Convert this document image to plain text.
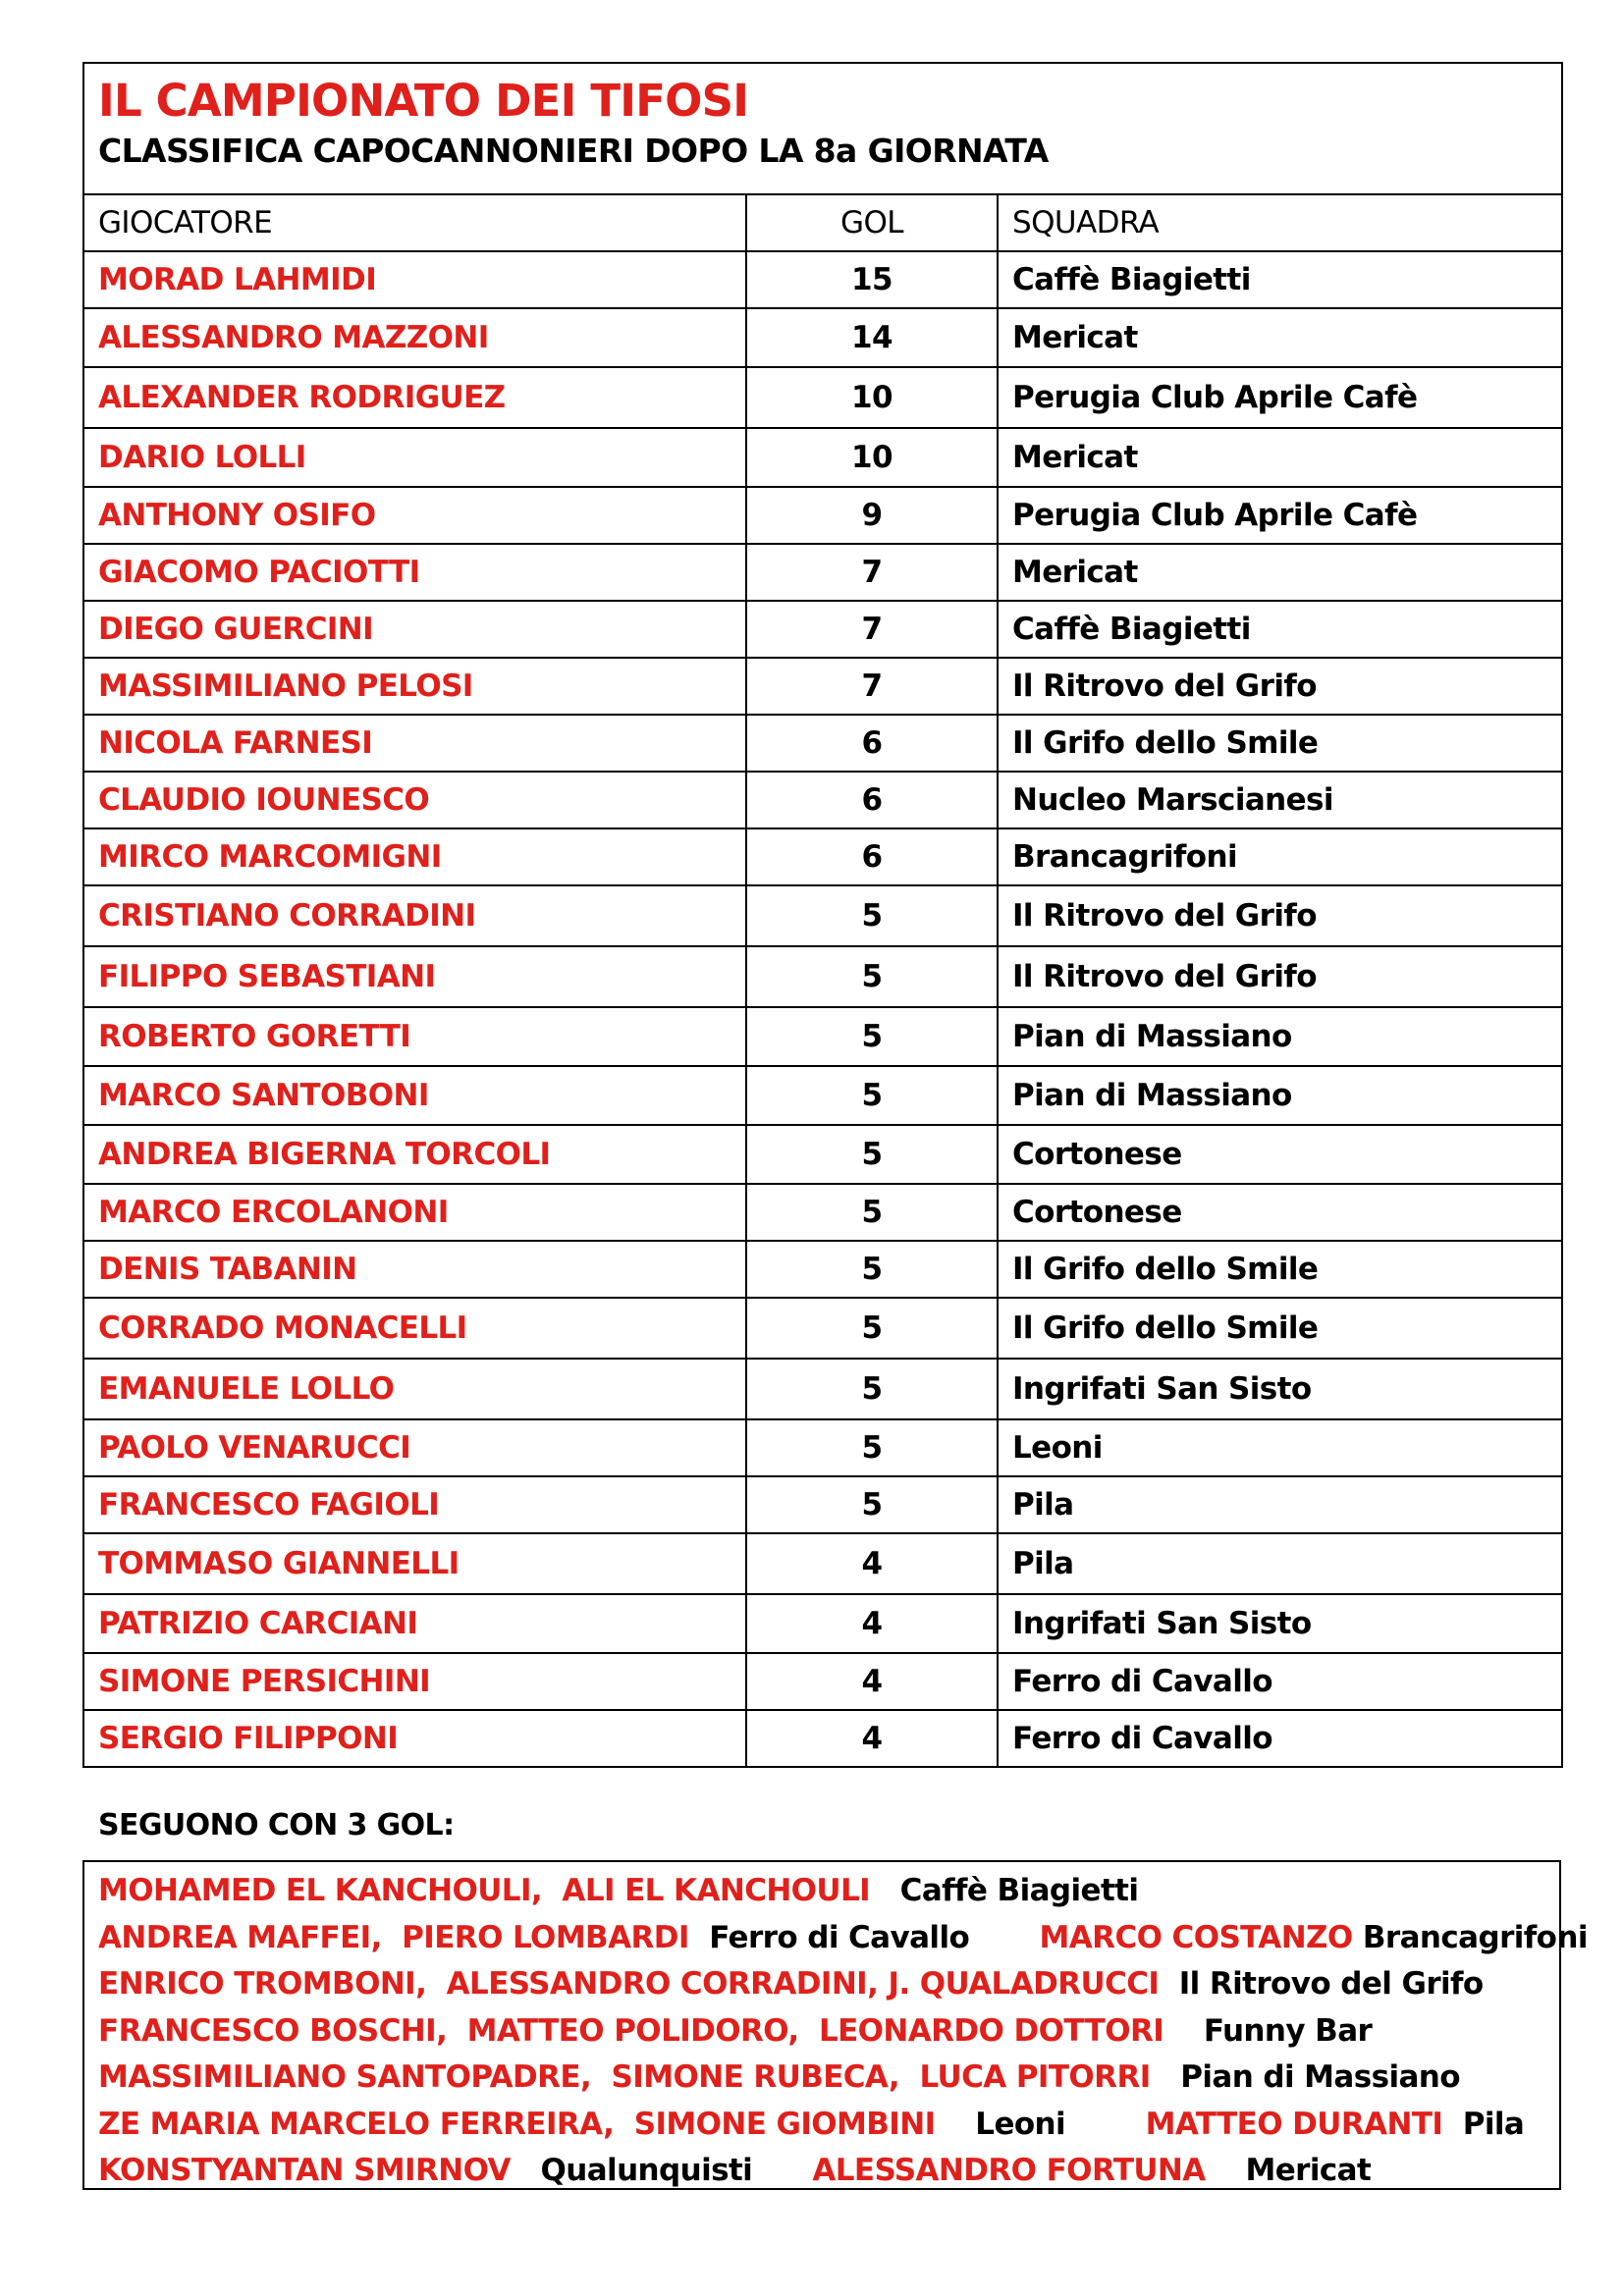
IL CAMPIONATO DEI TIFOSI
CLASSIFICA CAPOCANNONIERI DOPO LA 8a GIORNATA		

GIOCATORE	GOL	SQUADRA
MORAD LAHMIDI	15	Caffè Biagietti
ALESSANDRO MAZZONI	14	Mericat
ALEXANDER RODRIGUEZ	10	Perugia Club Aprile Cafè
DARIO LOLLI	10	Mericat
ANTHONY OSIFO	9	Perugia Club Aprile Cafè
GIACOMO PACIOTTI	7	Mericat
DIEGO GUERCINI	7	Caffè Biagietti
MASSIMILIANO PELOSI	7	Il Ritrovo del Grifo
NICOLA FARNESI	6	Il Grifo dello Smile
CLAUDIO IOUNESCO	6	Nucleo Marscianesi
MIRCO MARCOMIGNI	6	Brancagrifoni
CRISTIANO CORRADINI	5	Il Ritrovo del Grifo
FILIPPO SEBASTIANI	5	Il Ritrovo del Grifo
ROBERTO GORETTI	5	Pian di Massiano
MARCO SANTOBONI	5	Pian di Massiano
ANDREA BIGERNA TORCOLI	5	Cortonese
MARCO ERCOLANONI	5	Cortonese
DENIS TABANIN	5	Il Grifo dello Smile
CORRADO MONACELLI	5	Il Grifo dello Smile
EMANUELE LOLLO	5	Ingrifati San Sisto
PAOLO VENARUCCI	5	Leoni
FRANCESCO FAGIOLI	5	Pila
TOMMASO GIANNELLI	4	Pila
PATRIZIO CARCIANI	4	Ingrifati San Sisto
SIMONE PERSICHINI	4	Ferro di Cavallo
SERGIO FILIPPONI	4	Ferro di Cavallo
SEGUONO CON 3 GOL:
MOHAMED EL KANCHOULI,  ALI EL KANCHOULI   Caffè Biagietti
ANDREA MAFFEI,  PIERO LOMBARDI  Ferro di Cavallo       MARCO COSTANZO Brancagrifoni
ENRICO TROMBONI,  ALESSANDRO CORRADINI, J. QUALADRUCCI  Il Ritrovo del Grifo
FRANCESCO BOSCHI,  MATTEO POLIDORO,  LEONARDO DOTTORI    Funny Bar
MASSIMILIANO SANTOPADRE,  SIMONE RUBECA,  LUCA PITORRI   Pian di Massiano
ZE MARIA MARCELO FERREIRA,  SIMONE GIOMBINI    Leoni        MATTEO DURANTI  Pila
KONSTYANTAN SMIRNOV   Qualunquisti      ALESSANDRO FORTUNA    Mericat
